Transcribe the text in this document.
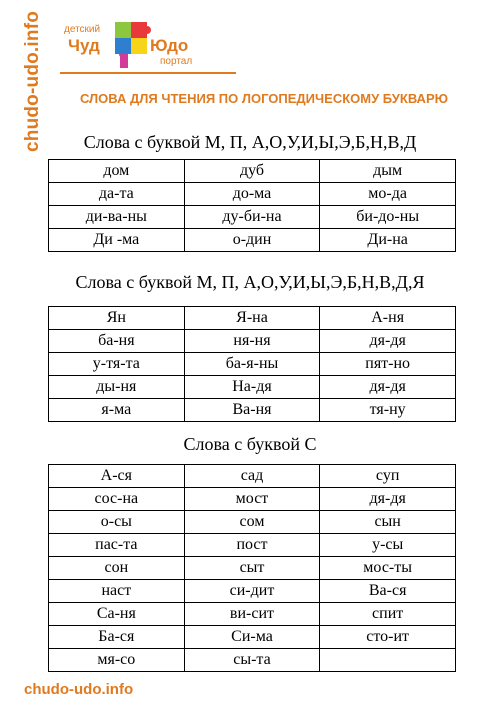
chudo-udo.info детский
Чуд	Юдо
портал
СЛОВА ДЛЯ ЧТЕНИЯ ПО ЛОГОПЕДИЧЕСКОМУ БУКВАРЮ
Слова с буквой М, П, А,О,У,И,Ы,Э,Б,Н,В,Д
дом	дуб	дым
да-та	до-ма	мо-да
ди-ва-ны	ду-би-на	би-до-ны
Ди -ма	о-дин	Ди-на
Слова с буквой М, П, А,О,У,И,Ы,Э,Б,Н,В,Д,Я
Ян	Я-на	А-ня
ба-ня	ня-ня	дя-дя
у-тя-та	ба-я-ны	пят-но
ды-ня	На-дя	дя-дя
я-ма	Ва-ня	тя-ну
Слова с буквой С
А-ся	сад	суп
сос-на	мост	дя-дя
о-сы	сом	сын
пас-та	пост	у-сы
сон	сыт	мос-ты
наст	си-дит	Ва-ся
Са-ня	ви-сит	спит
Ба-ся	Си-ма	сто-ит
мя-со	сы-та	
chudo-udo.info
